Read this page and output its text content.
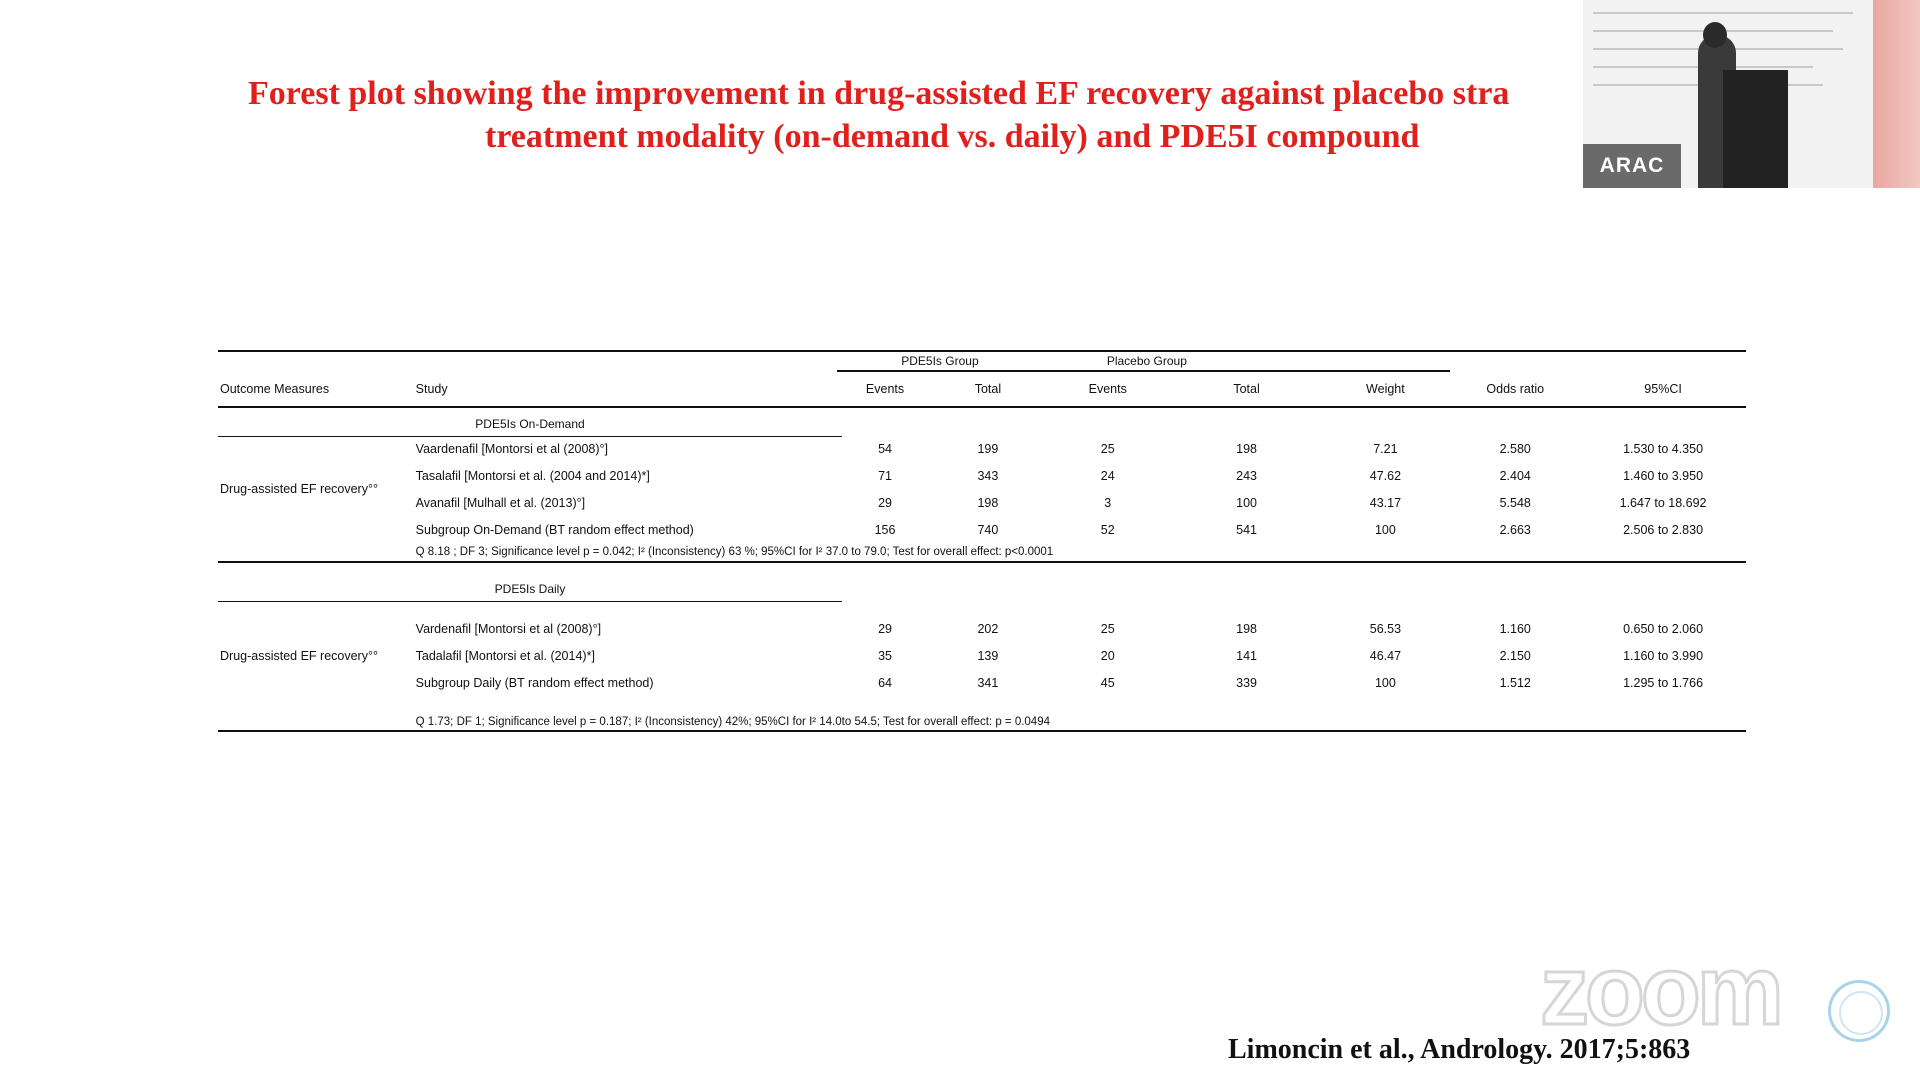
Forest plot showing the improvement in drug-assisted EF recovery against placebo stra
treatment modality (on-demand vs. daily) and PDE5I compound
ARAC
		PDE5Is Group		Placebo Group				
Outcome Measures	Study	Events	Total	Events	Total	Weight	Odds ratio	95%CI

Drug-assisted EF recovery°°	Vaardenafil [Montorsi et al (2008)°]	54	199	25	198	7.21	2.580	1.530 to 4.350
	Tasalafil [Montorsi et al. (2004 and 2014)*]	71	343	24	243	47.62	2.404	1.460 to 3.950
	Avanafil [Mulhall et al. (2013)°]	29	198	3	100	43.17	5.548	1.647 to 18.692
	Subgroup On-Demand (BT random effect method)	156	740	52	541	100	2.663	2.506 to 2.830
	Q 8.18 ; DF 3; Significance level p = 0.042; I² (Inconsistency) 63 %; 95%CI for I² 37.0 to 79.0; Test for overall effect: p<0.0001							

Drug-assisted EF recovery°°	Vardenafil [Montorsi et al (2008)°]	29	202	25	198	56.53	1.160	0.650 to 2.060
	Tadalafil [Montorsi et al. (2014)*]	35	139	20	141	46.47	2.150	1.160 to 3.990
	Subgroup Daily (BT random effect method)	64	341	45	339	100	1.512	1.295 to 1.766
	Q 1.73; DF 1; Significance level p = 0.187; I² (Inconsistency) 42%; 95%CI for I² 14.0to 54.5; Test for overall effect: p = 0.0494							
PDE5Is On-Demand
PDE5Is Daily
zoom
Limoncin et al., Andrology. 2017;5:863
